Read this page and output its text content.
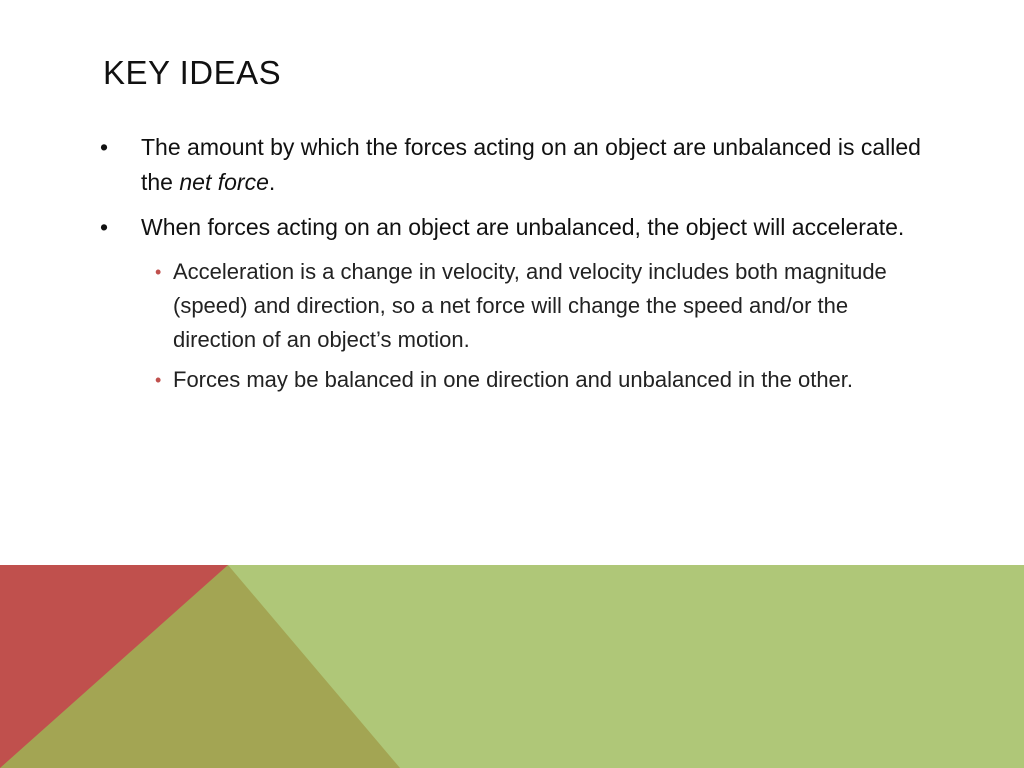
KEY IDEAS
• The amount by which the forces acting on an object are unbalanced is called the net force.
• When forces acting on an object are unbalanced, the object will accelerate.
• Acceleration is a change in velocity, and velocity includes both magnitude (speed) and direction, so a net force will change the speed and/or the direction of an object’s motion.
• Forces may be balanced in one direction and unbalanced in the other.
